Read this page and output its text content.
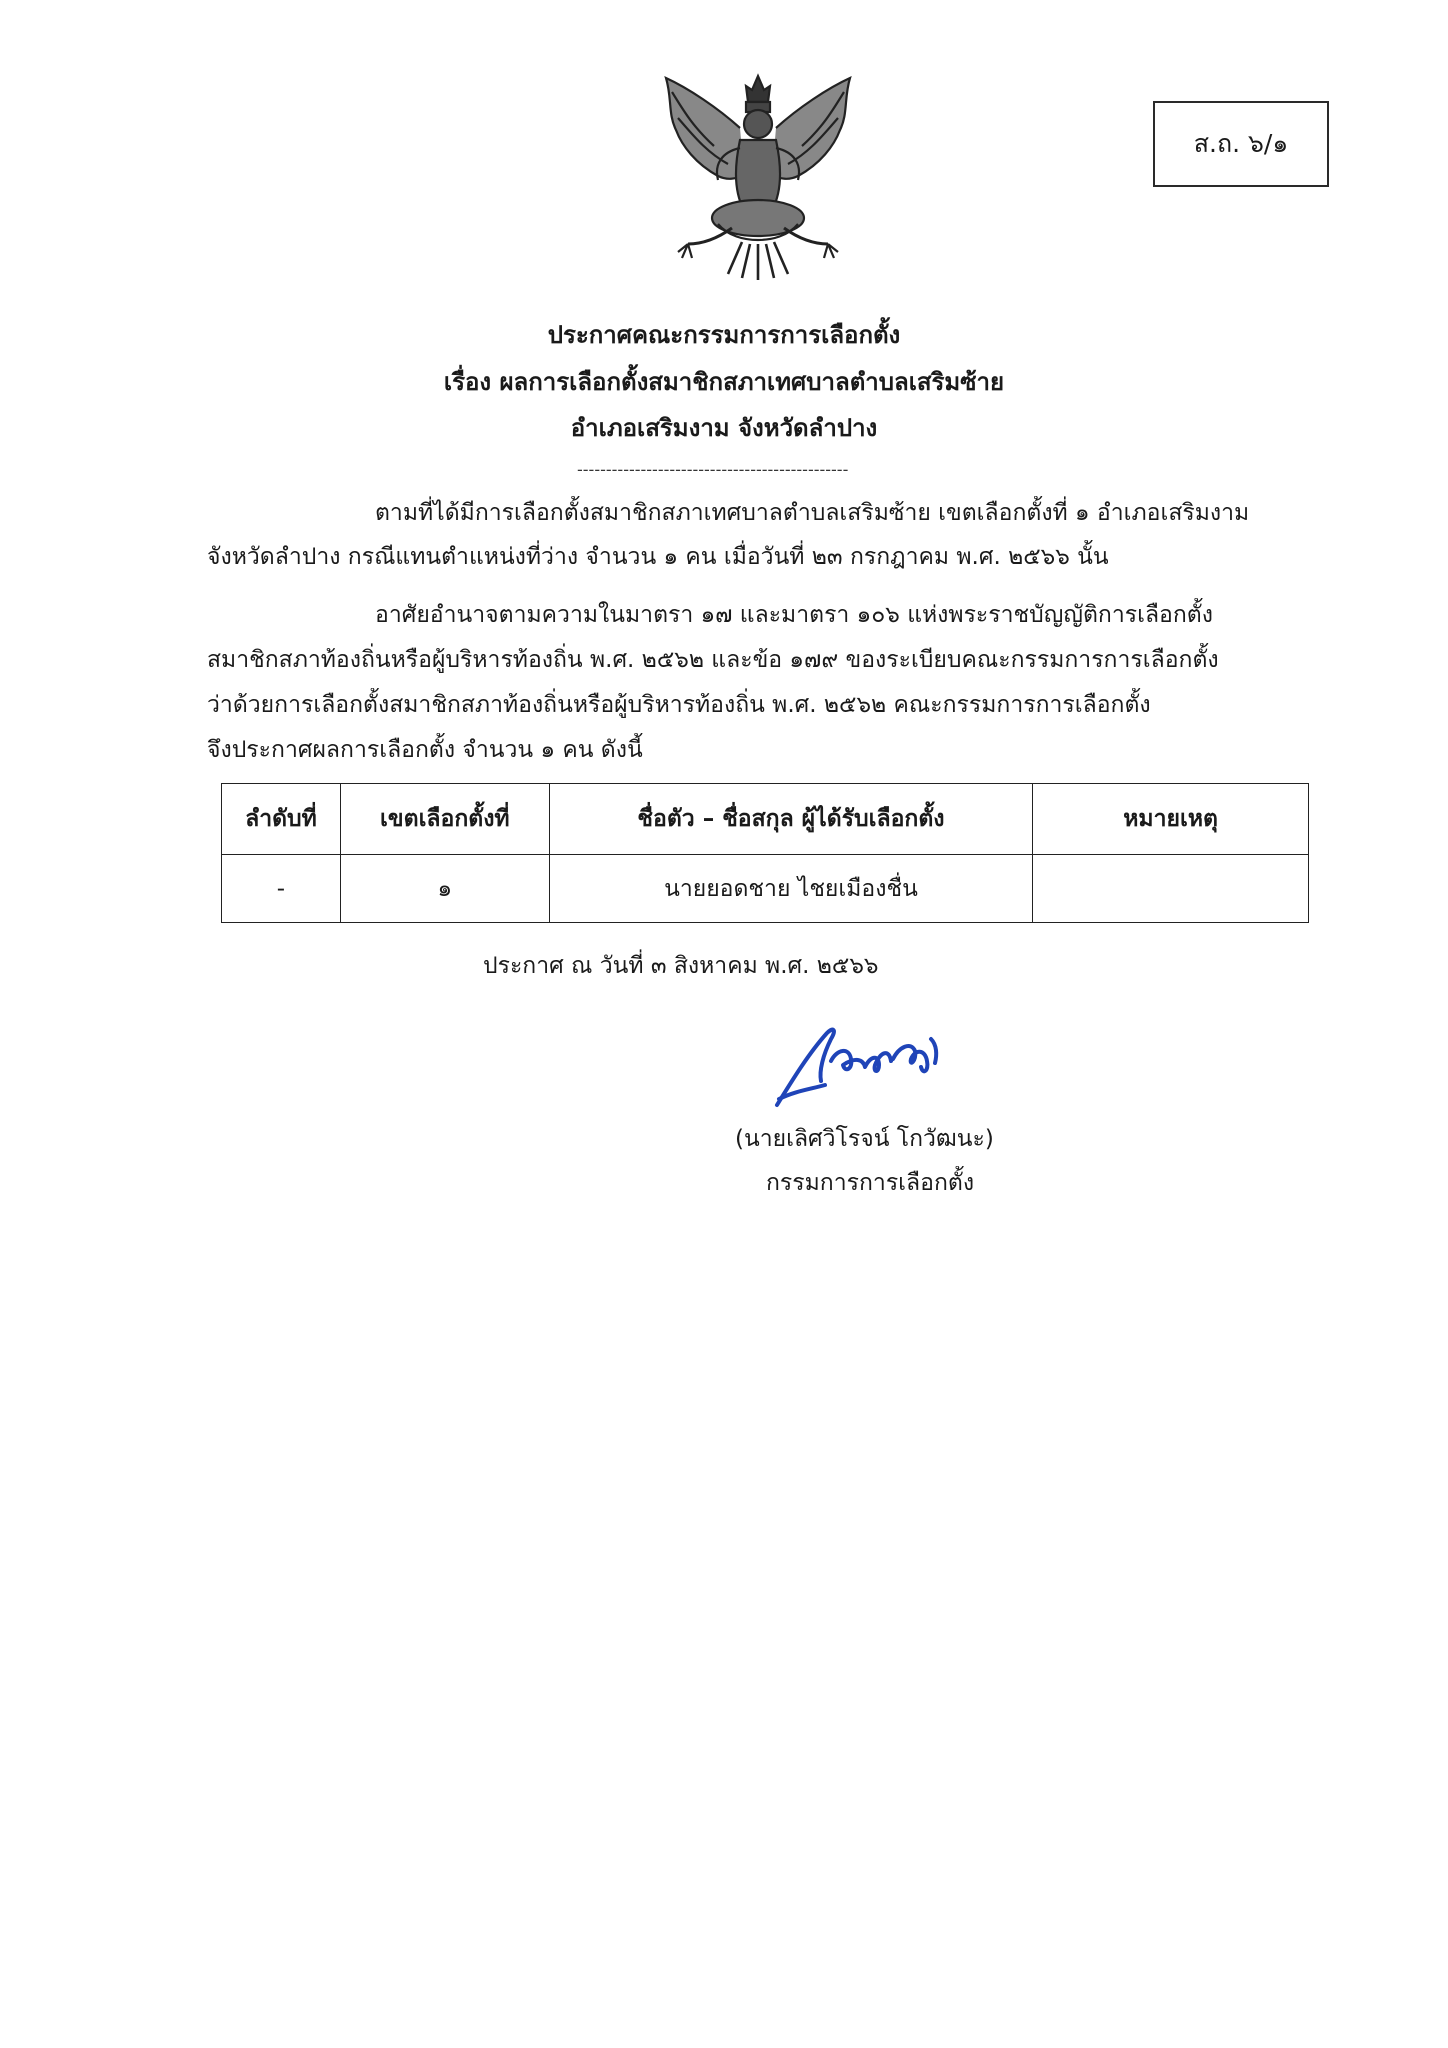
ส.ถ. ๖/๑
ประกาศคณะกรรมการการเลือกตั้ง
เรื่อง ผลการเลือกตั้งสมาชิกสภาเทศบาลตำบลเสริมซ้าย
อำเภอเสริมงาม จังหวัดลำปาง
-----------------------------------------------
ตามที่ได้มีการเลือกตั้งสมาชิกสภาเทศบาลตำบลเสริมซ้าย เขตเลือกตั้งที่ ๑ อำเภอเสริมงาม
จังหวัดลำปาง กรณีแทนตำแหน่งที่ว่าง จำนวน ๑ คน เมื่อวันที่ ๒๓ กรกฎาคม พ.ศ. ๒๕๖๖ นั้น
อาศัยอำนาจตามความในมาตรา ๑๗ และมาตรา ๑๐๖ แห่งพระราชบัญญัติการเลือกตั้ง
สมาชิกสภาท้องถิ่นหรือผู้บริหารท้องถิ่น พ.ศ. ๒๕๖๒ และข้อ ๑๗๙ ของระเบียบคณะกรรมการการเลือกตั้ง
ว่าด้วยการเลือกตั้งสมาชิกสภาท้องถิ่นหรือผู้บริหารท้องถิ่น พ.ศ. ๒๕๖๒ คณะกรรมการการเลือกตั้ง
จึงประกาศผลการเลือกตั้ง จำนวน ๑ คน ดังนี้
ลำดับที่	เขตเลือกตั้งที่	ชื่อตัว – ชื่อสกุล ผู้ได้รับเลือกตั้ง	หมายเหตุ
-	๑	นายยอดชาย ไชยเมืองชื่น	
ประกาศ ณ วันที่ ๓ สิงหาคม พ.ศ. ๒๕๖๖
(นายเลิศวิโรจน์ โกวัฒนะ)
กรรมการการเลือกตั้ง
